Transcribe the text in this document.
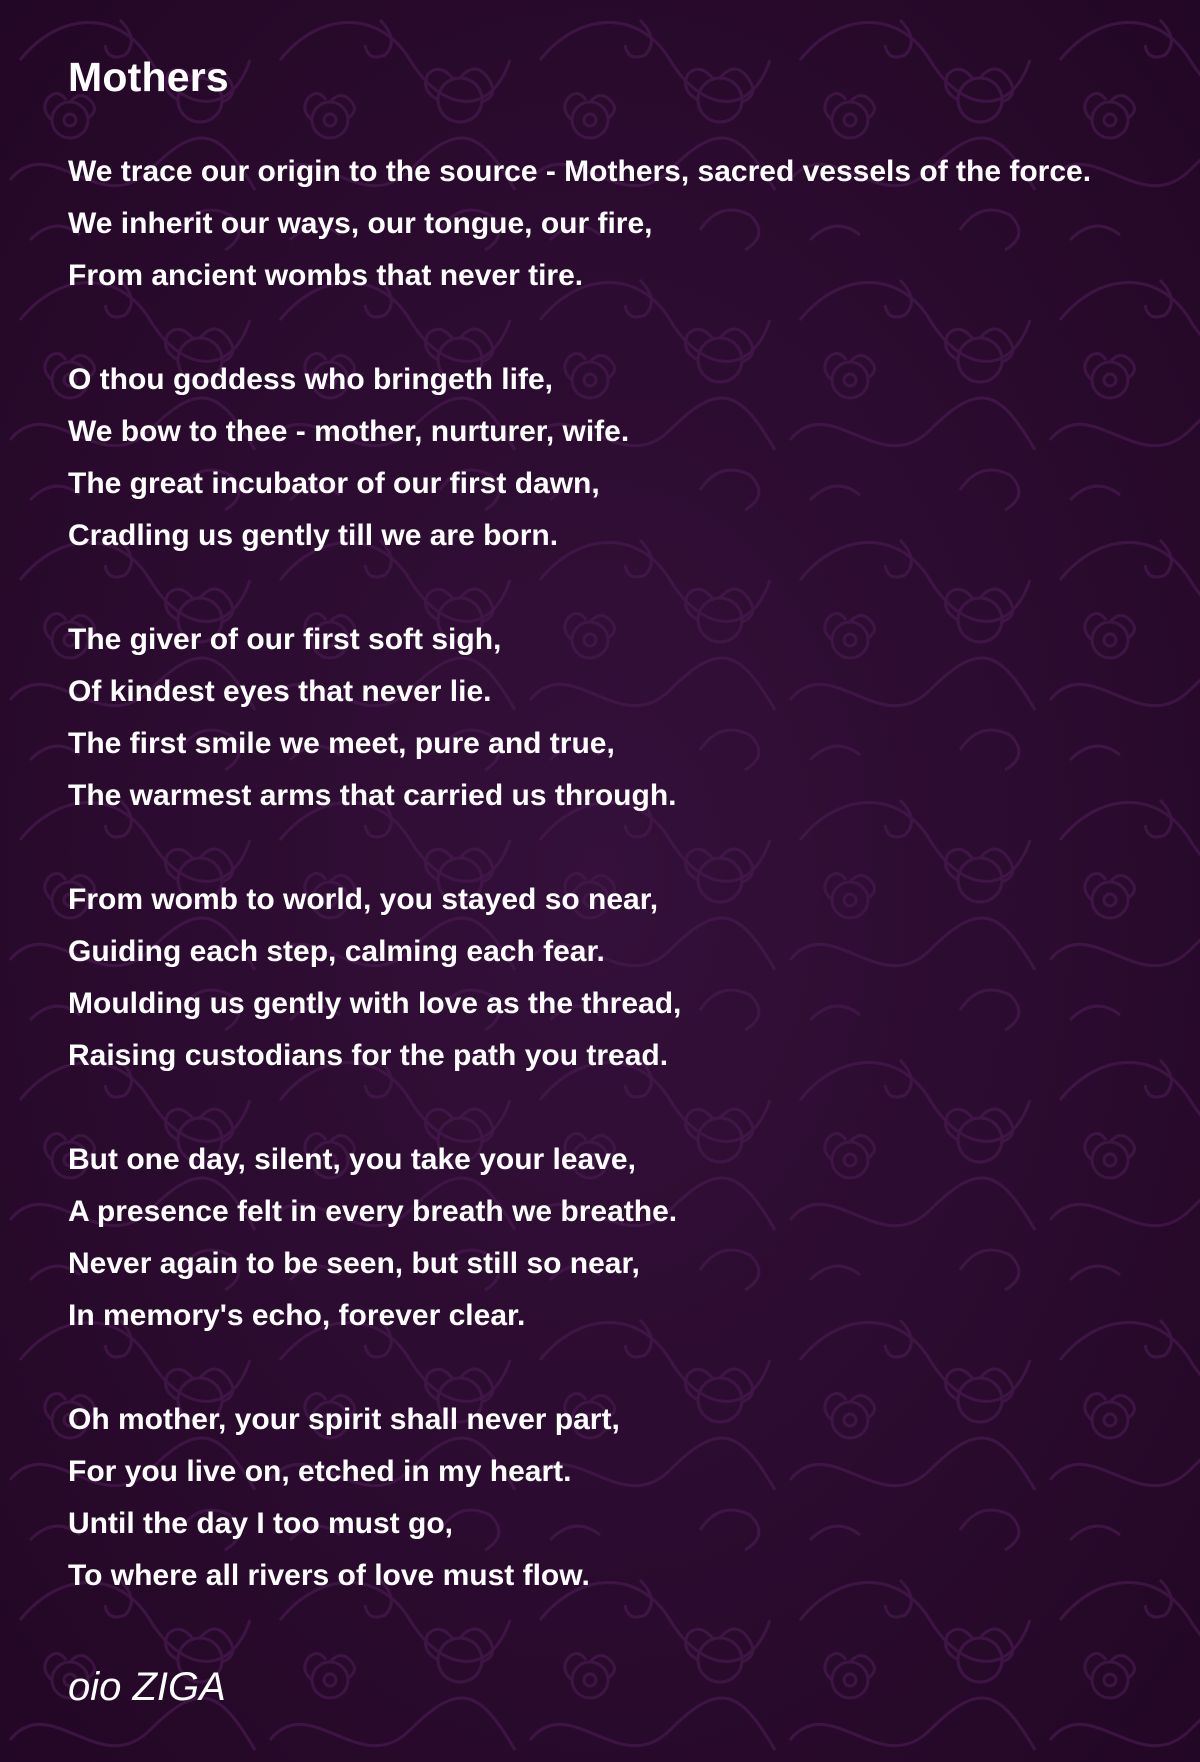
Mothers
We trace our origin to the source - Mothers, sacred vessels of the force.
We inherit our ways, our tongue, our fire,
From ancient wombs that never tire.
O thou goddess who bringeth life,
We bow to thee - mother, nurturer, wife.
The great incubator of our first dawn,
Cradling us gently till we are born.
The giver of our first soft sigh,
Of kindest eyes that never lie.
The first smile we meet, pure and true,
The warmest arms that carried us through.
From womb to world, you stayed so near,
Guiding each step, calming each fear.
Moulding us gently with love as the thread,
Raising custodians for the path you tread.
But one day, silent, you take your leave,
A presence felt in every breath we breathe.
Never again to be seen, but still so near,
In memory's echo, forever clear.
Oh mother, your spirit shall never part,
For you live on, etched in my heart.
Until the day I too must go,
To where all rivers of love must flow.
oio ZIGA
